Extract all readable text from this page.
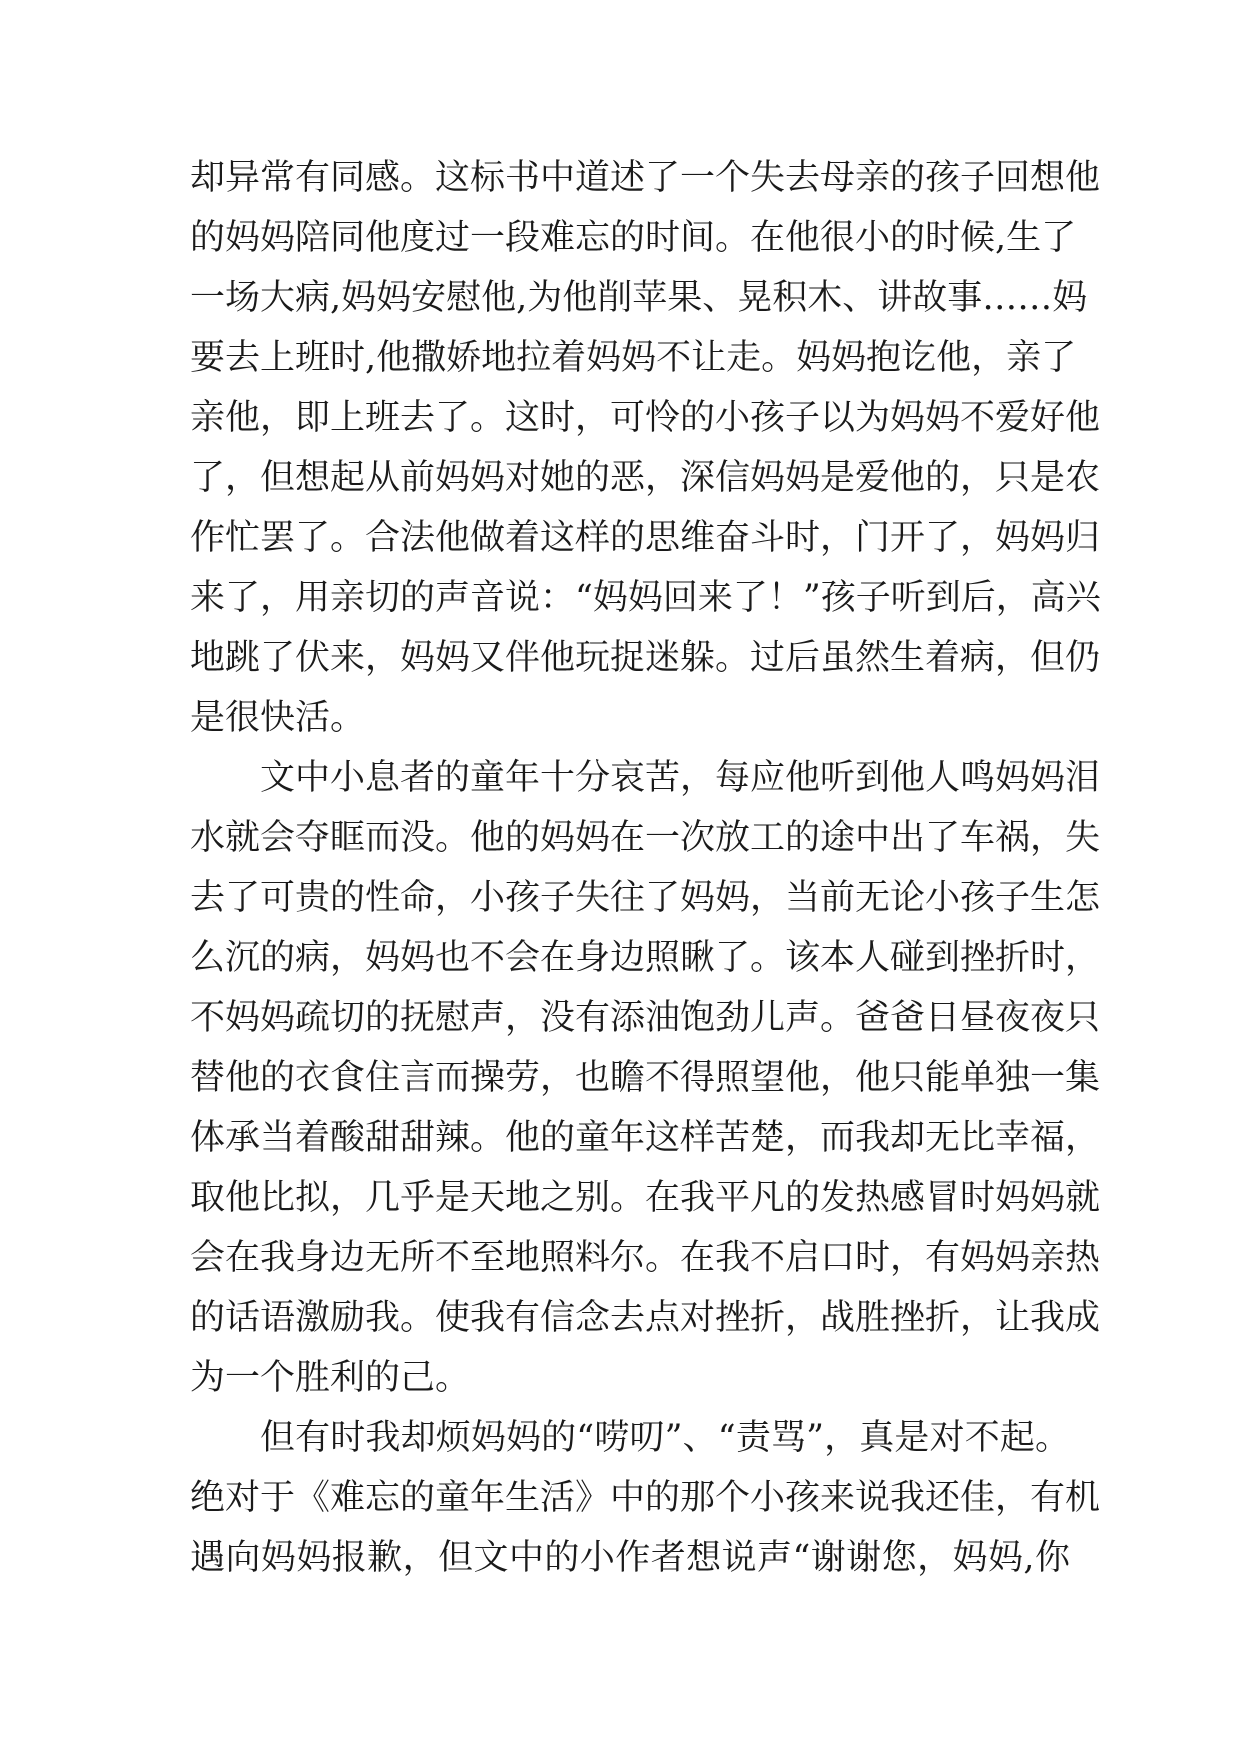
却异常有同感。这标书中道述了一个失去母亲的孩子回想他
的妈妈陪同他度过一段难忘的时间。在他很小的时候,生了
一场大病,妈妈安慰他,为他削苹果、晃积木、讲故事……妈
要去上班时,他撒娇地拉着妈妈不让走。妈妈抱讫他，亲了
亲他，即上班去了。这时，可怜的小孩子以为妈妈不爱好他
了，但想起从前妈妈对她的恶，深信妈妈是爱他的，只是农
作忙罢了。合法他做着这样的思维奋斗时，门开了，妈妈归
来了，用亲切的声音说：“妈妈回来了！”孩子听到后，高兴
地跳了伏来，妈妈又伴他玩捉迷躲。过后虽然生着病，但仍
是很快活。
文中小息者的童年十分哀苦，每应他听到他人鸣妈妈泪
水就会夺眶而没。他的妈妈在一次放工的途中出了车祸，失
去了可贵的性命，小孩子失往了妈妈，当前无论小孩子生怎
么沉的病，妈妈也不会在身边照瞅了。该本人碰到挫折时，
不妈妈疏切的抚慰声，没有添油饱劲儿声。爸爸日昼夜夜只
替他的衣食住言而操劳，也瞻不得照望他，他只能单独一集
体承当着酸甜甜辣。他的童年这样苦楚，而我却无比幸福，
取他比拟，几乎是天地之别。在我平凡的发热感冒时妈妈就
会在我身边无所不至地照料尔。在我不启口时，有妈妈亲热
的话语激励我。使我有信念去点对挫折，战胜挫折，让我成
为一个胜利的己。
但有时我却烦妈妈的“唠叨”、“责骂”，真是对不起。
绝对于《难忘的童年生活》中的那个小孩来说我还佳，有机
遇向妈妈报歉，但文中的小作者想说声“谢谢您，妈妈,你
